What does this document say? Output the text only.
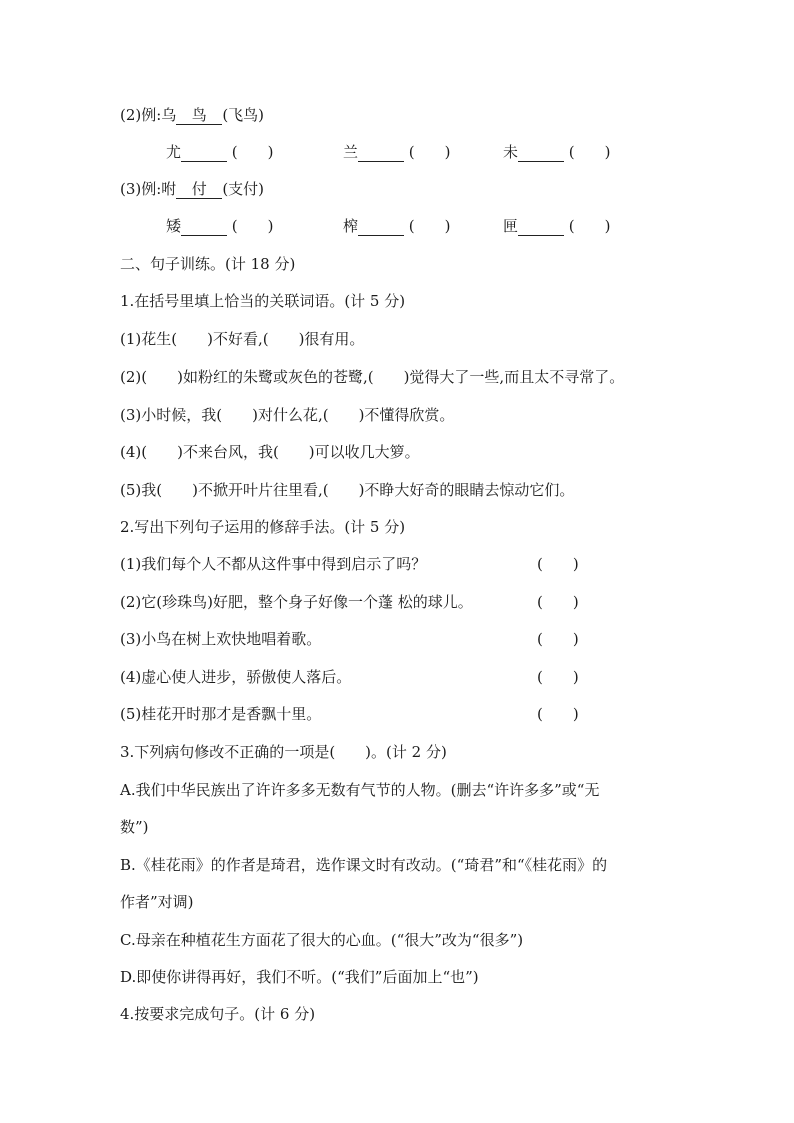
(2)例:乌 鸟 (飞鸟)
尤	(　　)	兰	(　　)	未	(　　)
(3)例:咐 付 (支付)
矮	(　　)	榨	(　　)	匣	(　　)
二、句子训练。(计 18 分)
1.在括号里填上恰当的关联词语。(计 5 分)
(1)花生(　　)不好看,(　　)很有用。
(2)(　　)如粉红的朱鹭或灰色的苍鹭,(　　)觉得大了一些,而且太不寻常了。
(3)小时候，我(　　)对什么花,(　　)不懂得欣赏。
(4)(　　)不来台风，我(　　)可以收几大箩。
(5)我(　　)不掀开叶片往里看,(　　)不睁大好奇的眼睛去惊动它们。
2.写出下列句子运用的修辞手法。(计 5 分)
(1)我们每个人不都从这件事中得到启示了吗？	(　　)
(2)它(珍珠鸟)好肥，整个身子好像一个蓬 松的球儿。	(　　)
(3)小鸟在树上欢快地唱着歌。	(　　)
(4)虚心使人进步，骄傲使人落后。	(　　)
(5)桂花开时那才是香飘十里。	(　　)
3.下列病句修改不正确的一项是(　　)。(计 2 分)
A.我们中华民族出了许许多多无数有气节的人物。(删去“许许多多”或“无
数”)
B.《桂花雨》的作者是琦君，选作课文时有改动。(“琦君”和“《桂花雨》的
作者”对调)
C.母亲在种植花生方面花了很大的心血。(“很大”改为“很多”)
D.即使你讲得再好，我们不听。(“我们”后面加上“也”)
4.按要求完成句子。(计 6 分)
